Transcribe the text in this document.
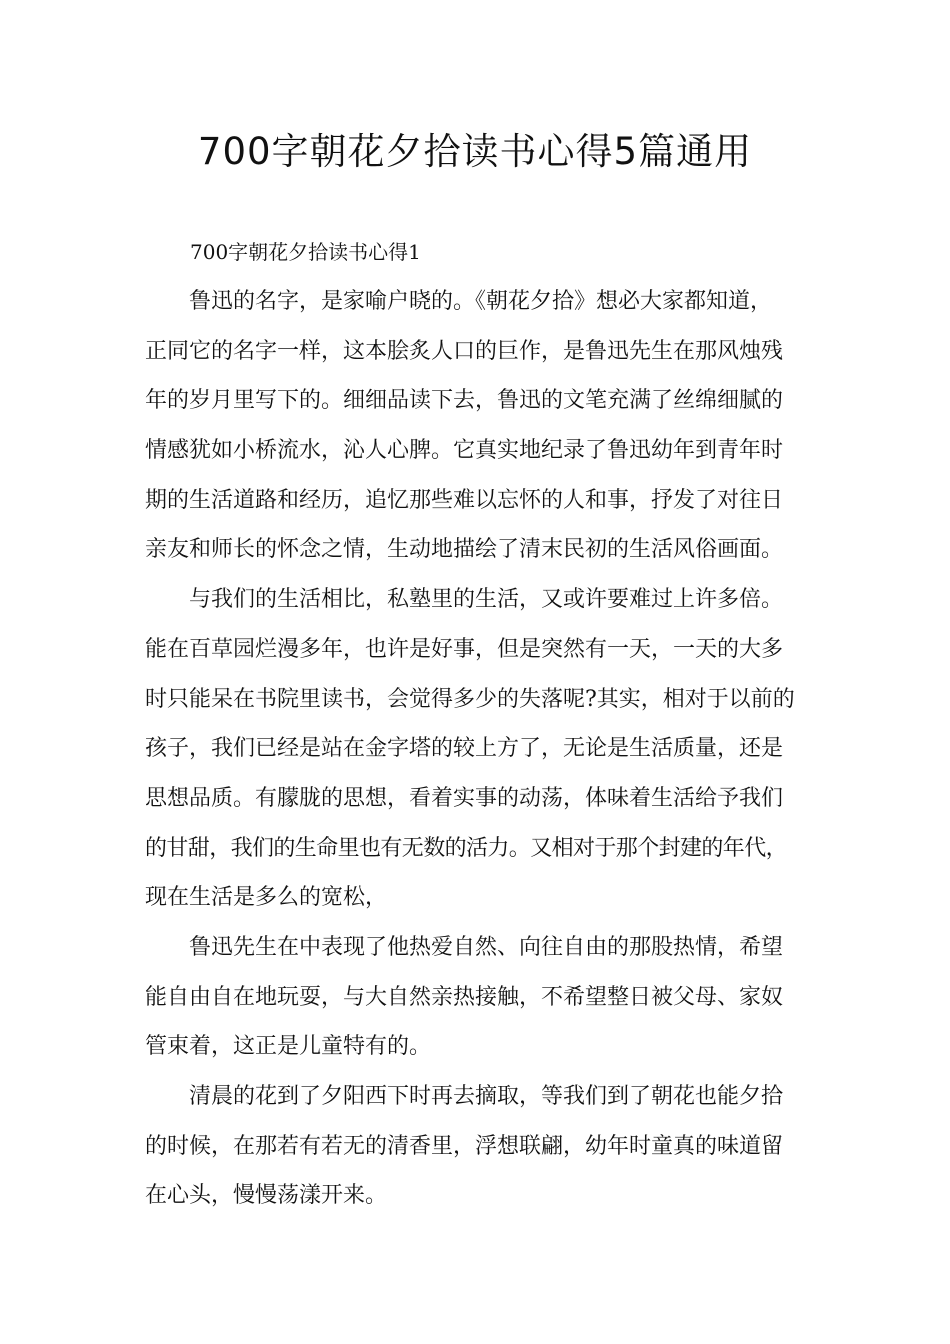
700字朝花夕拾读书心得5篇通用
700字朝花夕拾读书心得1
鲁迅的名字，是家喻户晓的。《朝花夕拾》想必大家都知道，
正同它的名字一样，这本脍炙人口的巨作，是鲁迅先生在那风烛残
年的岁月里写下的。细细品读下去，鲁迅的文笔充满了丝绵细腻的
情感犹如小桥流水，沁人心脾。它真实地纪录了鲁迅幼年到青年时
期的生活道路和经历，追忆那些难以忘怀的人和事，抒发了对往日
亲友和师长的怀念之情，生动地描绘了清末民初的生活风俗画面。
与我们的生活相比，私塾里的生活，又或许要难过上许多倍。
能在百草园烂漫多年，也许是好事，但是突然有一天，一天的大多
时只能呆在书院里读书，会觉得多少的失落呢?其实，相对于以前的
孩子，我们已经是站在金字塔的较上方了，无论是生活质量，还是
思想品质。有朦胧的思想，看着实事的动荡，体味着生活给予我们
的甘甜，我们的生命里也有无数的活力。又相对于那个封建的年代，
现在生活是多么的宽松，
鲁迅先生在中表现了他热爱自然、向往自由的那股热情，希望
能自由自在地玩耍，与大自然亲热接触，不希望整日被父母、家奴
管束着，这正是儿童特有的。
清晨的花到了夕阳西下时再去摘取，等我们到了朝花也能夕拾
的时候，在那若有若无的清香里，浮想联翩，幼年时童真的味道留
在心头，慢慢荡漾开来。
